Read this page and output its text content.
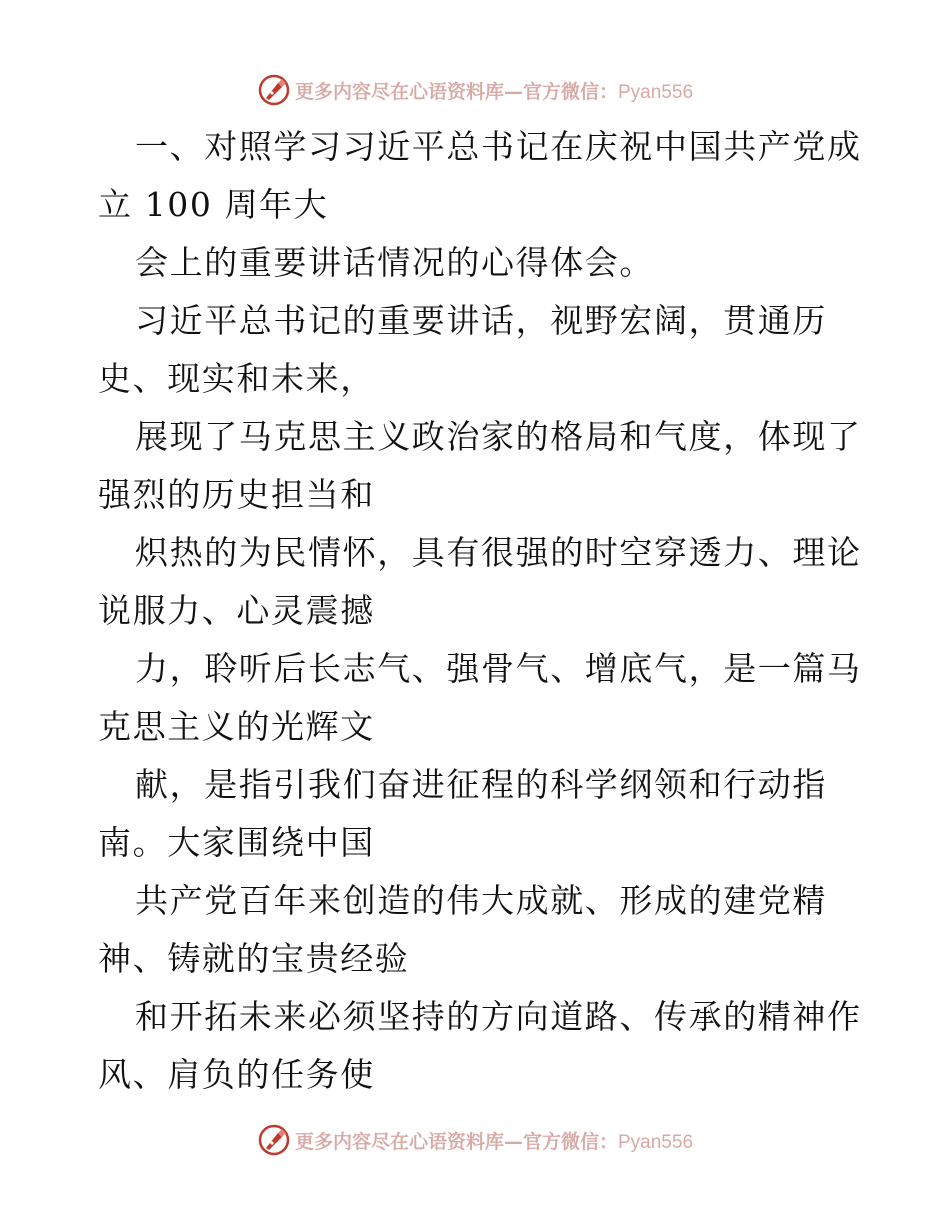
更多内容尽在心语资料库—官方微信：Pyan556
一、对照学习习近平总书记在庆祝中国共产党成
立 100 周年大
会上的重要讲话情况的心得体会。
习近平总书记的重要讲话，视野宏阔，贯通历
史、现实和未来，
展现了马克思主义政治家的格局和气度，体现了
强烈的历史担当和
炽热的为民情怀，具有很强的时空穿透力、理论
说服力、心灵震撼
力，聆听后长志气、强骨气、增底气，是一篇马
克思主义的光辉文
献，是指引我们奋进征程的科学纲领和行动指
南。大家围绕中国
共产党百年来创造的伟大成就、形成的建党精
神、铸就的宝贵经验
和开拓未来必须坚持的方向道路、传承的精神作
风、肩负的任务使
更多内容尽在心语资料库—官方微信：Pyan556
